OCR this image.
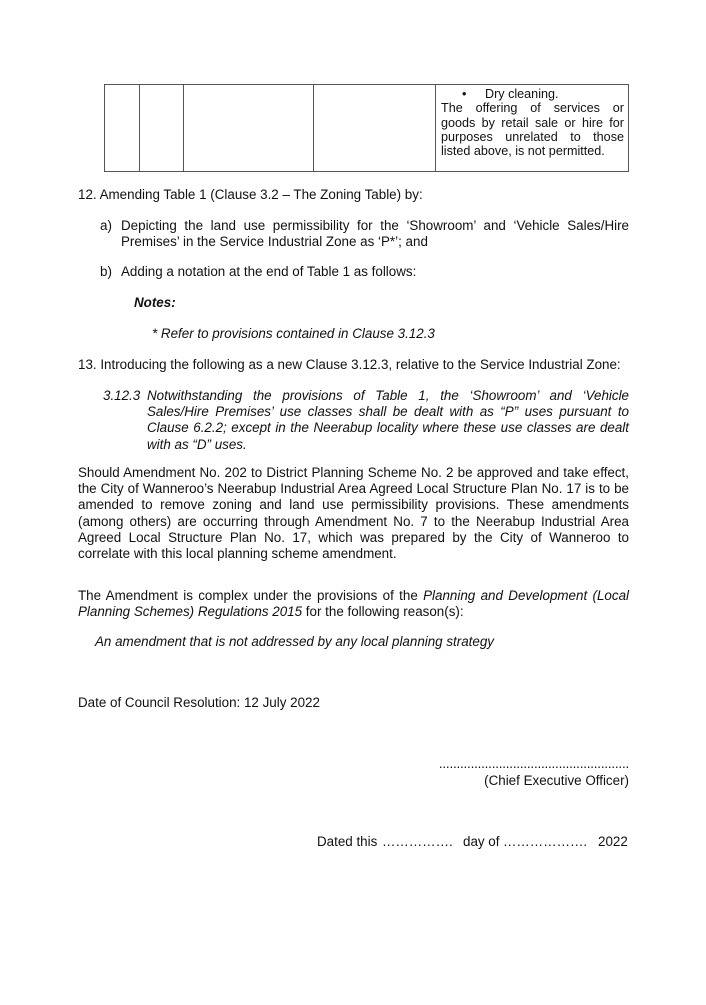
• Dry cleaning.
The offering of services or goods by retail sale or hire for purposes unrelated to those listed above, is not permitted.
12. Amending Table 1 (Clause 3.2 – The Zoning Table) by:
a) Depicting the land use permissibility for the ‘Showroom’ and ‘Vehicle Sales/Hire Premises’ in the Service Industrial Zone as ‘P*’; and
b) Adding a notation at the end of Table 1 as follows:
Notes:
* Refer to provisions contained in Clause 3.12.3
13. Introducing the following as a new Clause 3.12.3, relative to the Service Industrial Zone:
3.12.3 Notwithstanding the provisions of Table 1, the ‘Showroom’ and ‘Vehicle Sales/Hire Premises’ use classes shall be dealt with as “P” uses pursuant to Clause 6.2.2; except in the Neerabup locality where these use classes are dealt with as “D” uses.
Should Amendment No. 202 to District Planning Scheme No. 2 be approved and take effect, the City of Wanneroo’s Neerabup Industrial Area Agreed Local Structure Plan No. 17 is to be amended to remove zoning and land use permissibility provisions. These amendments (among others) are occurring through Amendment No. 7 to the Neerabup Industrial Area Agreed Local Structure Plan No. 17, which was prepared by the City of Wanneroo to correlate with this local planning scheme amendment.
The Amendment is complex under the provisions of the Planning and Development (Local Planning Schemes) Regulations 2015 for the following reason(s):
An amendment that is not addressed by any local planning strategy
Date of Council Resolution: 12 July 2022
......................................................
(Chief Executive Officer)
Dated this ……………. day of ………………. 2022
